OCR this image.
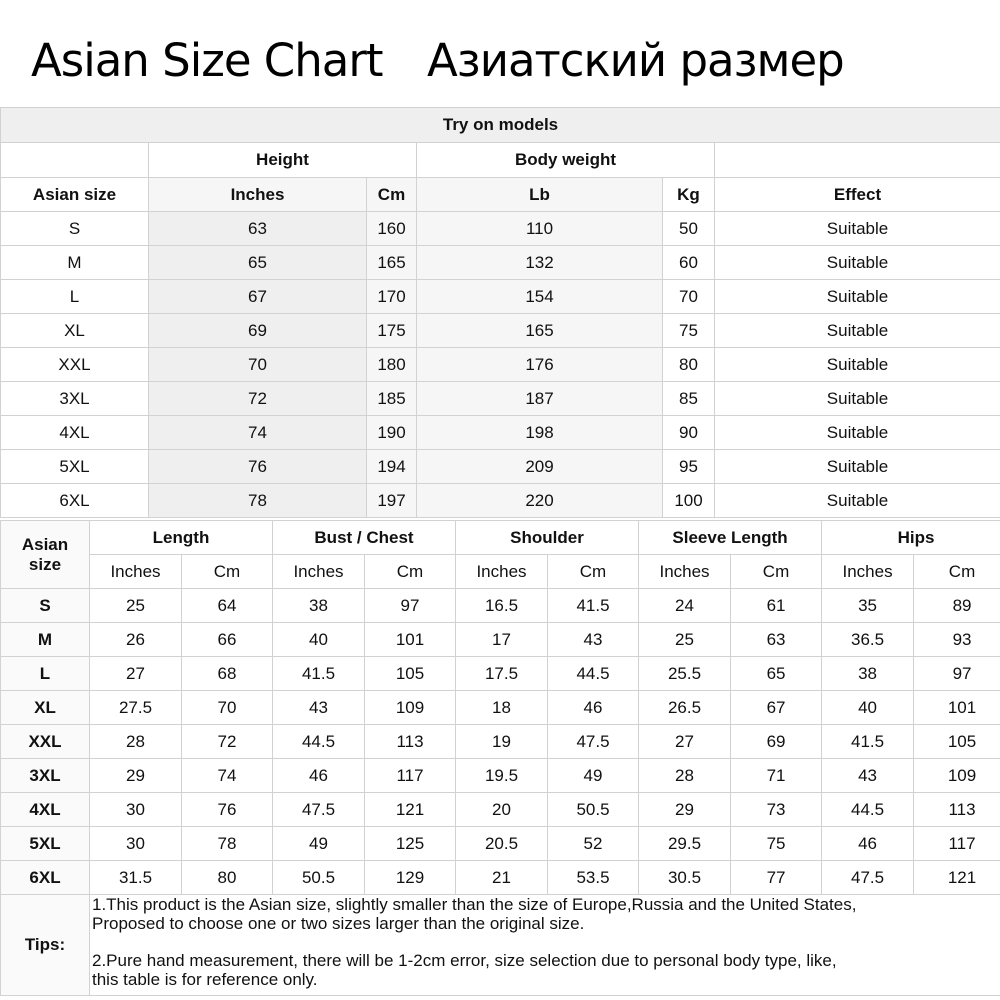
Asian Size Chart Азиатский размер
Try on models					
	Height		Body weight		
Asian size	Inches	Cm	Lb	Kg	Effect
S	63	160	110	50	Suitable
M	65	165	132	60	Suitable
L	67	170	154	70	Suitable
XL	69	175	165	75	Suitable
XXL	70	180	176	80	Suitable
3XL	72	185	187	85	Suitable
4XL	74	190	198	90	Suitable
5XL	76	194	209	95	Suitable
6XL	78	197	220	100	Suitable
Asian
size	Length		Bust / Chest		Shoulder		Sleeve Length		Hips	
	Inches	Cm	Inches	Cm	Inches	Cm	Inches	Cm	Inches	Cm
S	25	64	38	97	16.5	41.5	24	61	35	89
M	26	66	40	101	17	43	25	63	36.5	93
L	27	68	41.5	105	17.5	44.5	25.5	65	38	97
XL	27.5	70	43	109	18	46	26.5	67	40	101
XXL	28	72	44.5	113	19	47.5	27	69	41.5	105
3XL	29	74	46	117	19.5	49	28	71	43	109
4XL	30	76	47.5	121	20	50.5	29	73	44.5	113
5XL	30	78	49	125	20.5	52	29.5	75	46	117
6XL	31.5	80	50.5	129	21	53.5	30.5	77	47.5	121
Tips:	1.This product is the Asian size, slightly smaller than the size of Europe,Russia and the United States,

Proposed to choose one or two sizes larger than the original size.

2.Pure hand measurement, there will be 1-2cm error, size selection due to personal body type, like,

this table is for reference only.									
